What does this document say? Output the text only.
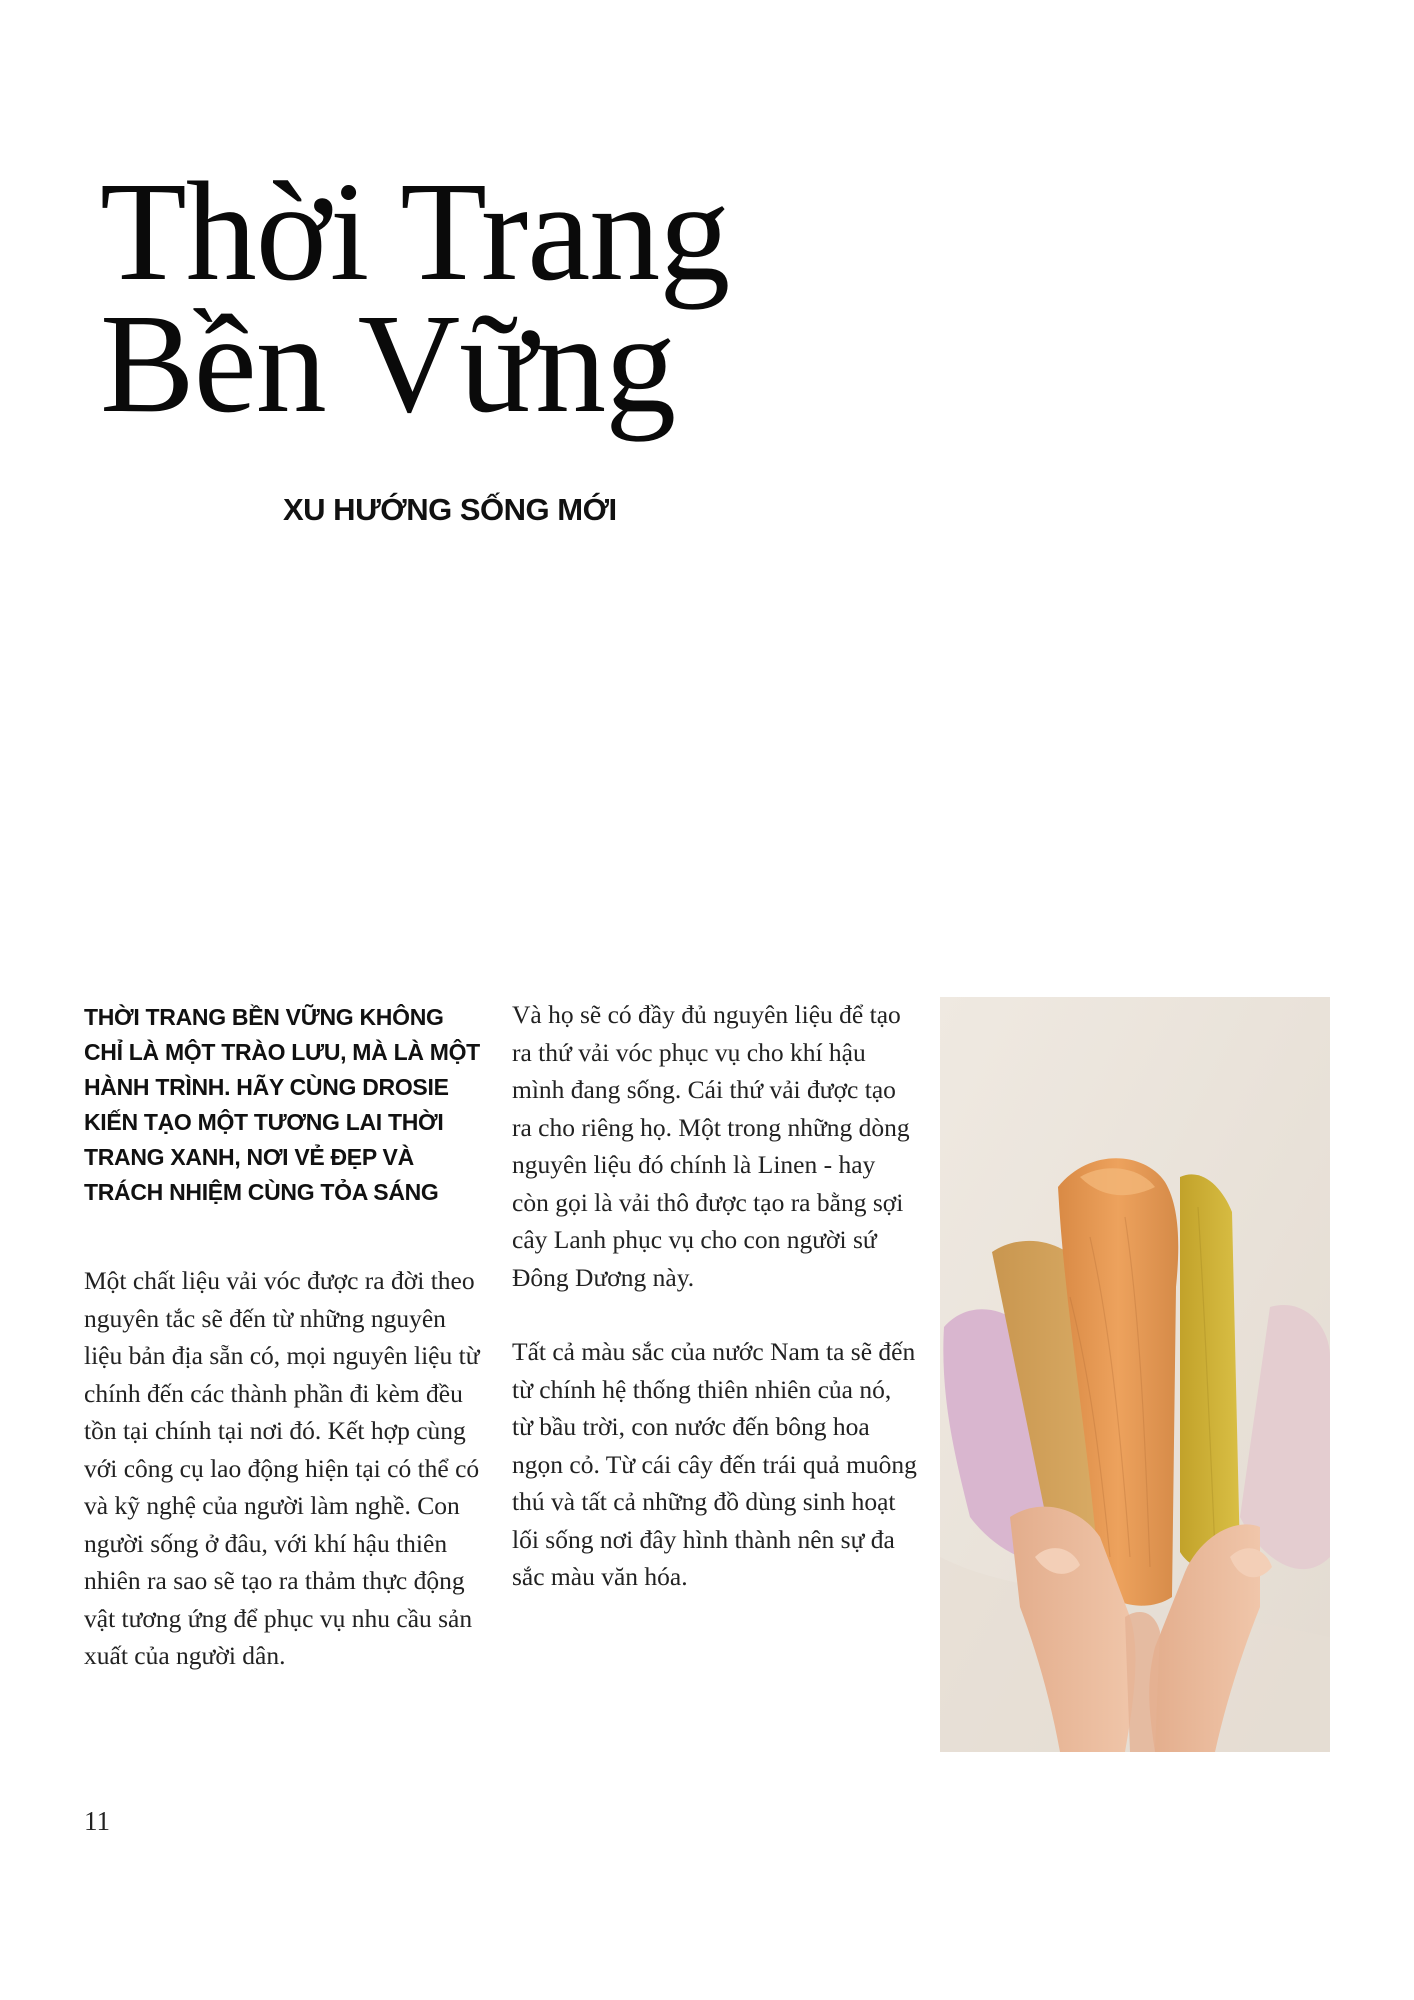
Thời Trang
Bền Vững
XU HƯỚNG SỐNG MỚI

THỜI TRANG BỀN VỮNG KHÔNG CHỈ LÀ MỘT TRÀO LƯU, MÀ LÀ MỘT HÀNH TRÌNH. HÃY CÙNG DROSIE KIẾN TẠO MỘT TƯƠNG LAI THỜI TRANG XANH, NƠI VẺ ĐẸP VÀ TRÁCH NHIỆM CÙNG TỎA SÁNG

Một chất liệu vải vóc được ra đời theo nguyên tắc sẽ đến từ những nguyên liệu bản địa sẵn có, mọi nguyên liệu từ chính đến các thành phần đi kèm đều tồn tại chính tại nơi đó. Kết hợp cùng với công cụ lao động hiện tại có thể có và kỹ nghệ của người làm nghề. Con người sống ở đâu, với khí hậu thiên nhiên ra sao sẽ tạo ra thảm thực động vật tương ứng để phục vụ nhu cầu sản xuất của người dân.

Và họ sẽ có đầy đủ nguyên liệu để tạo ra thứ vải vóc phục vụ cho khí hậu mình đang sống. Cái thứ vải được tạo ra cho riêng họ. Một trong những dòng nguyên liệu đó chính là Linen - hay còn gọi là vải thô được tạo ra bằng sợi cây Lanh phục vụ cho con người sứ Đông Dương này.

Tất cả màu sắc của nước Nam ta sẽ đến từ chính hệ thống thiên nhiên của nó, từ bầu trời, con nước đến bông hoa ngọn cỏ. Từ cái cây đến trái quả muông thú và tất cả những đồ dùng sinh hoạt lối sống nơi đây hình thành nên sự đa sắc màu văn hóa.

11
